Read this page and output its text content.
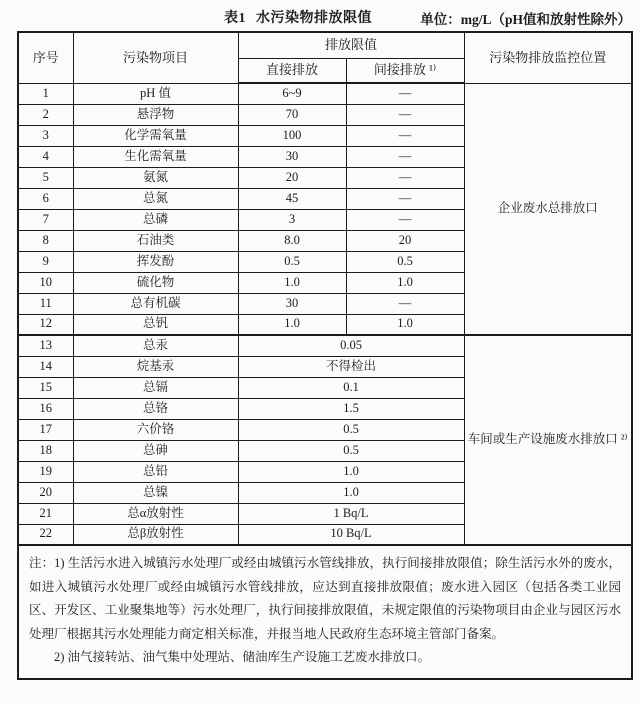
表1 水污染物排放限值	单位：mg/L（pH值和放射性除外）
序号	污染物项目	排放限值		污染物排放监控位置
		直接排放	间接排放 ¹⁾	
1	pH 值	6~9	—	企业废水总排放口
2	悬浮物	70	—	
3	化学需氧量	100	—	
4	生化需氧量	30	—	
5	氨氮	20	—	
6	总氮	45	—	
7	总磷	3	—	
8	石油类	8.0	20	
9	挥发酚	0.5	0.5	
10	硫化物	1.0	1.0	
11	总有机碳	30	—	
12	总钒	1.0	1.0	
13	总汞	0.05		车间或生产设施废水排放口 ²⁾
14	烷基汞	不得检出		
15	总镉	0.1		
16	总铬	1.5		
17	六价铬	0.5		
18	总砷	0.5		
19	总铅	1.0		
20	总镍	1.0		
21	总α放射性	1 Bq/L		
22	总β放射性	10 Bq/L		

注：1) 生活污水进入城镇污水处理厂或经由城镇污水管线排放，执行间接排放限值；除生活污水外的废水，如进入城镇污水处理厂或经由城镇污水管线排放，应达到直接排放限值；废水进入园区（包括各类工业园区、开发区、工业聚集地等）污水处理厂，执行间接排放限值，未规定限值的污染物项目由企业与园区污水处理厂根据其污水处理能力商定相关标准，并报当地人民政府生态环境主管部门备案。

2) 油气接转站、油气集中处理站、储油库生产设施工艺废水排放口。				
